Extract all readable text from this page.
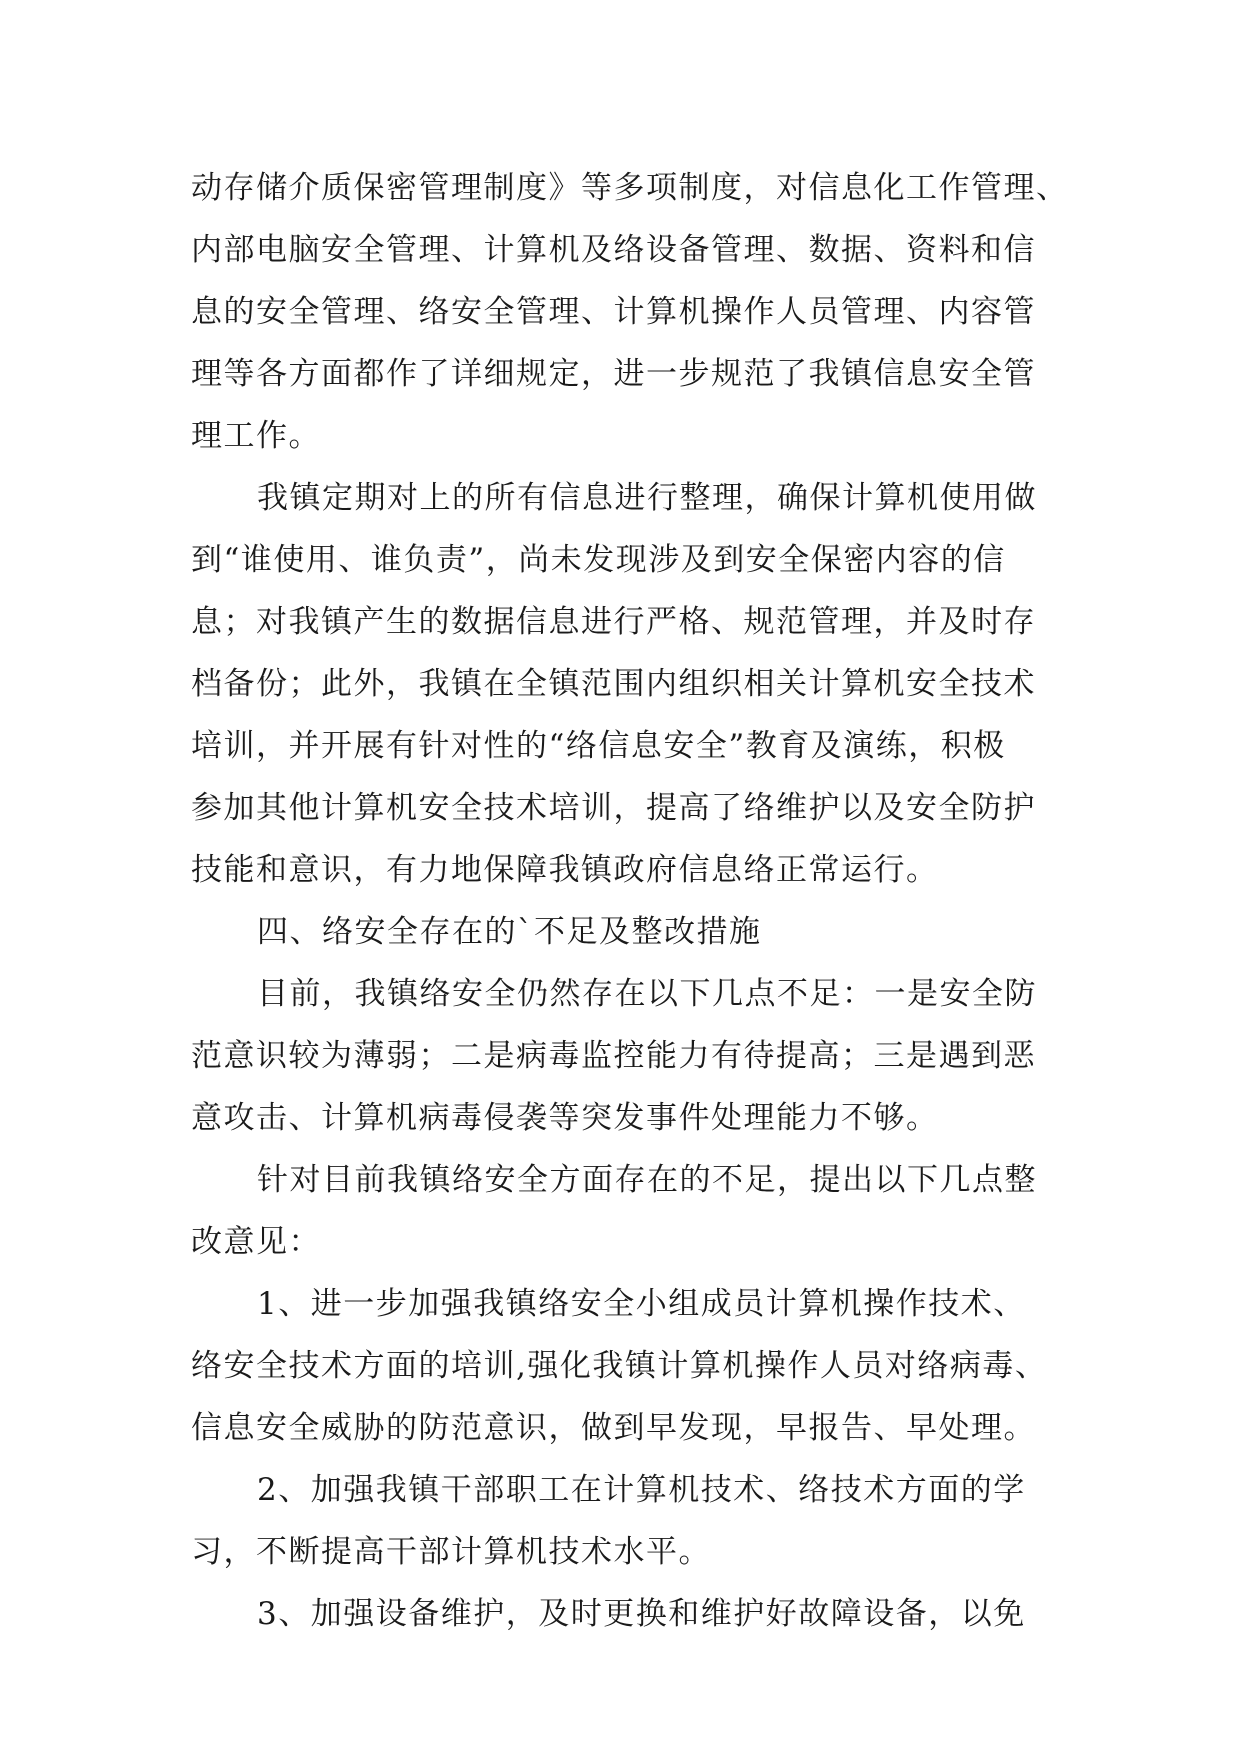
动存储介质保密管理制度》等多项制度，对信息化工作管理、
内部电脑安全管理、计算机及络设备管理、数据、资料和信
息的安全管理、络安全管理、计算机操作人员管理、内容管
理等各方面都作了详细规定，进一步规范了我镇信息安全管
理工作。
我镇定期对上的所有信息进行整理，确保计算机使用做
到“谁使用、谁负责”，尚未发现涉及到安全保密内容的信
息；对我镇产生的数据信息进行严格、规范管理，并及时存
档备份；此外，我镇在全镇范围内组织相关计算机安全技术
培训，并开展有针对性的“络信息安全”教育及演练，积极
参加其他计算机安全技术培训，提高了络维护以及安全防护
技能和意识，有力地保障我镇政府信息络正常运行。
四、络安全存在的`不足及整改措施
目前，我镇络安全仍然存在以下几点不足：一是安全防
范意识较为薄弱；二是病毒监控能力有待提高；三是遇到恶
意攻击、计算机病毒侵袭等突发事件处理能力不够。
针对目前我镇络安全方面存在的不足，提出以下几点整
改意见：
1、进一步加强我镇络安全小组成员计算机操作技术、
络安全技术方面的培训,强化我镇计算机操作人员对络病毒、
信息安全威胁的防范意识，做到早发现，早报告、早处理。
2、加强我镇干部职工在计算机技术、络技术方面的学
习，不断提高干部计算机技术水平。
3、加强设备维护，及时更换和维护好故障设备，以免
